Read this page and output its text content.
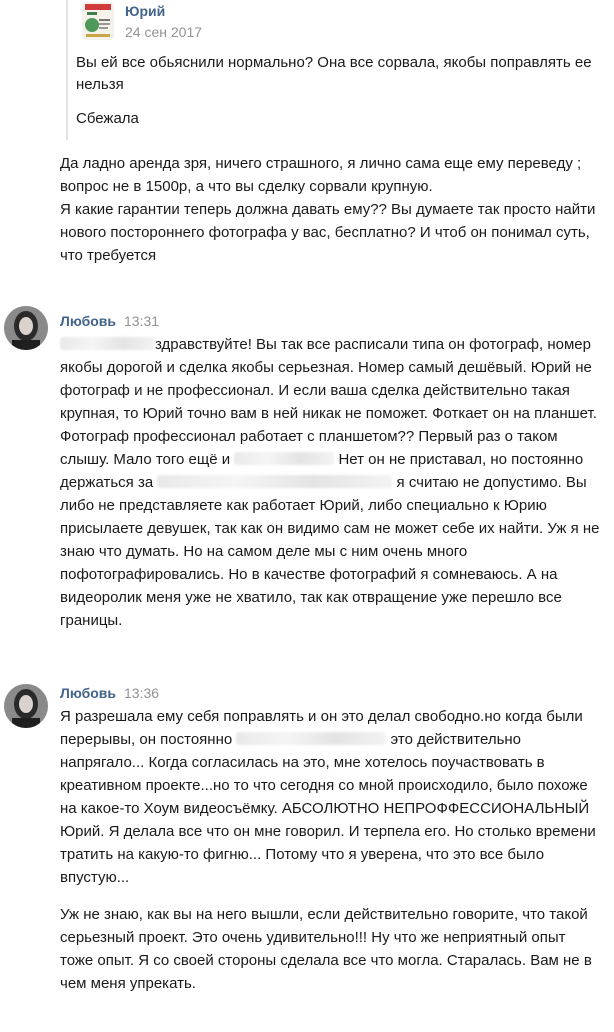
Юрий
24 сен 2017

Вы ей все обьяснили нормально? Она все сорвала, якобы поправлять ее нельзя

Сбежала

Да ладно аренда зря, ничего страшного, я лично сама еще ему переведу ; вопрос не в 1500р, а что вы сделку сорвали крупную.

Я какие гарантии теперь должна давать ему?? Вы думаете так просто найти нового постороннего фотографа у вас, бесплатно? И чтоб он понимал суть, что требуется

Любовь 13:31

здравствуйте! Вы так все расписали типа он фотограф, номер якобы дорогой и сделка якобы серьезная. Номер самый дешёвый. Юрий не фотограф и не профессионал. И если ваша сделка действительно такая крупная, то Юрий точно вам в ней никак не поможет. Фоткает он на планшет. Фотограф профессионал работает с планшетом?? Первый раз о таком слышу. Мало того ещё и	Нет он не приставал, но постоянно держаться за	я считаю не допустимо. Вы либо не представляете как работает Юрий, либо специально к Юрию присылаете девушек, так как он видимо сам не может себе их найти. Уж я не знаю что думать. Но на самом деле мы с ним очень много пофотографировались. Но в качестве фотографий я сомневаюсь. А на видеоролик меня уже не хватило, так как отвращение уже перешло все границы.

Любовь 13:36

Я разрешала ему себя поправлять и он это делал свободно.но когда были перерывы, он постоянно	это действительно напрягало... Когда согласилась на это, мне хотелось поучаствовать в креативном проекте...но то что сегодня со мной происходило, было похоже на какое-то Хоум видеосъёмку. АБСОЛЮТНО НЕПРОФФЕССИОНАЛЬНЫЙ Юрий. Я делала все что он мне говорил. И терпела его. Но столько времени тратить на какую-то фигню... Потому что я уверена, что это все было впустую...

Уж не знаю, как вы на него вышли, если действительно говорите, что такой серьезный проект. Это очень удивительно!!! Ну что же неприятный опыт тоже опыт. Я со своей стороны сделала все что могла. Старалась. Вам не в чем меня упрекать.
